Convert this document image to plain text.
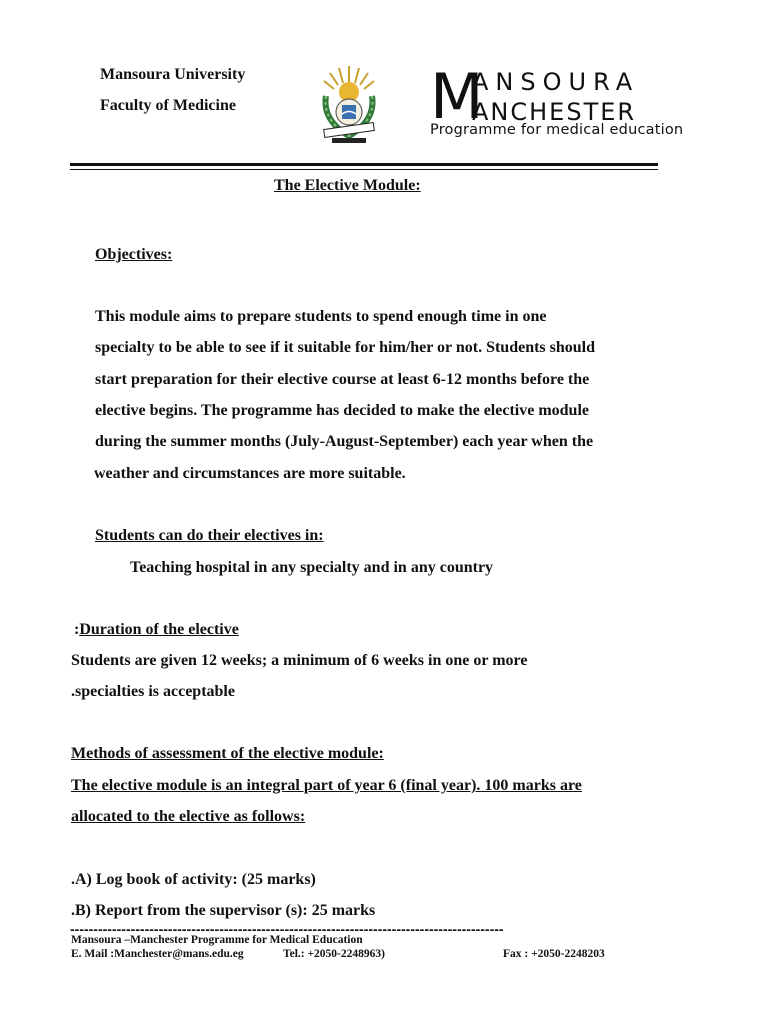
Mansoura University
Faculty of Medicine	M
ANSOURA
ANCHESTER
Programme for medical education
The Elective Module:
Objectives:
This module aims to prepare students to spend enough time in one
specialty to be able to see if it suitable for him/her or not. Students should
start preparation for their elective course at least 6-12 months before the
elective begins. The programme has decided to make the elective module
during the summer months (July-August-September) each year when the
weather and circumstances are more suitable.
Students can do their electives in:
Teaching hospital in any specialty and in any country
:Duration of the elective
Students are given 12 weeks; a minimum of 6 weeks in one or more
.specialties is acceptable
Methods of assessment of the elective module:
The elective module is an integral part of year 6 (final year). 100 marks are
allocated to the elective as follows:
.A) Log book of activity: (25 marks)
.B) Report from the supervisor (s): 25 marks
---------------------------------------------------------------------------------------------
Mansoura –Manchester Programme for Medical Education
E. Mail :Manchester@mans.edu.eg	Tel.: +2050-2248963)	Fax : +2050-2248203
